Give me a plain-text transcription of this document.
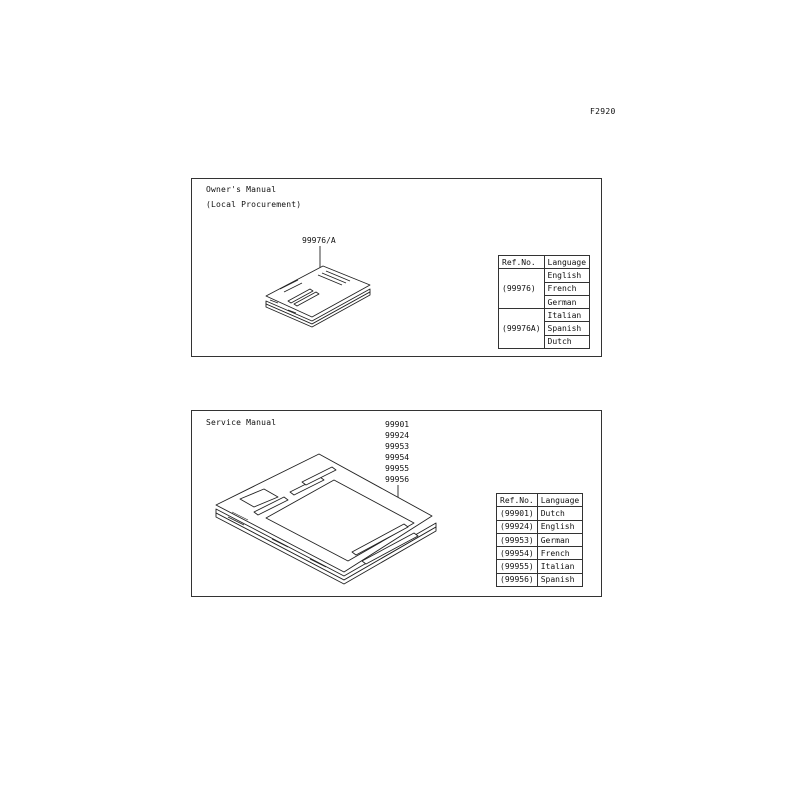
F2920
Owner's Manual
(Local Procurement)
99976/A
Ref.No.	Language
(99976)	English
	French
	German
(99976A)	Italian
	Spanish
	Dutch
Service Manual	99901
99924
99953
99954
99955
99956
Ref.No.	Language
(99901)	Dutch
(99924)	English
(99953)	German
(99954)	French
(99955)	Italian
(99956)	Spanish
